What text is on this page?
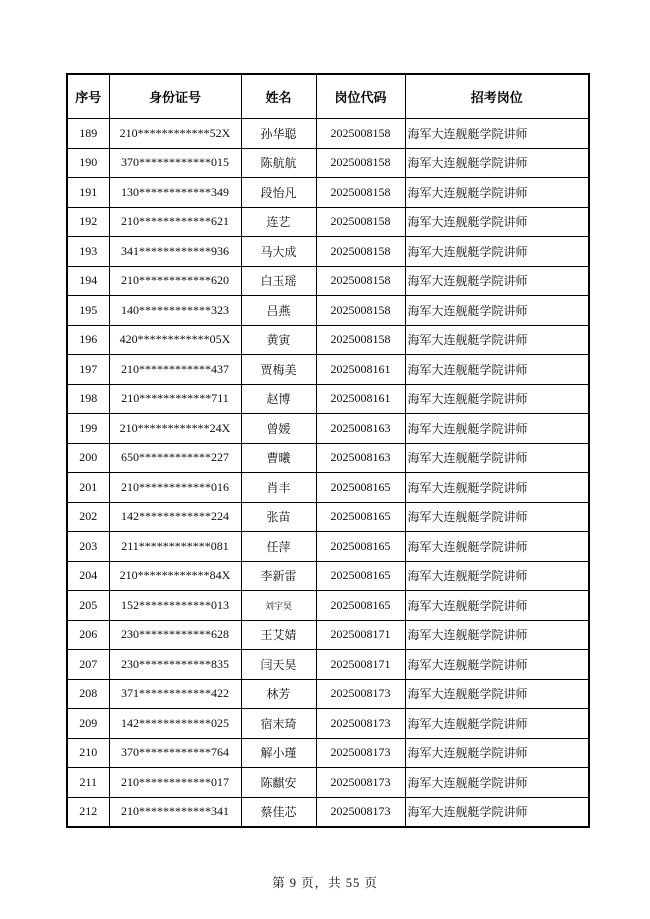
序号	身份证号	姓名	岗位代码	招考岗位
189	210************52X	孙华聪	2025008158	海军大连舰艇学院讲师
190	370************015	陈航航	2025008158	海军大连舰艇学院讲师
191	130************349	段怡凡	2025008158	海军大连舰艇学院讲师
192	210************621	连艺	2025008158	海军大连舰艇学院讲师
193	341************936	马大成	2025008158	海军大连舰艇学院讲师
194	210************620	白玉瑶	2025008158	海军大连舰艇学院讲师
195	140************323	吕燕	2025008158	海军大连舰艇学院讲师
196	420************05X	黄寅	2025008158	海军大连舰艇学院讲师
197	210************437	贾梅美	2025008161	海军大连舰艇学院讲师
198	210************711	赵博	2025008161	海军大连舰艇学院讲师
199	210************24X	曾媛	2025008163	海军大连舰艇学院讲师
200	650************227	曹曦	2025008163	海军大连舰艇学院讲师
201	210************016	肖丰	2025008165	海军大连舰艇学院讲师
202	142************224	张苗	2025008165	海军大连舰艇学院讲师
203	211************081	任萍	2025008165	海军大连舰艇学院讲师
204	210************84X	李新雷	2025008165	海军大连舰艇学院讲师
205	152************013	刘宇昊	2025008165	海军大连舰艇学院讲师
206	230************628	王艾婧	2025008171	海军大连舰艇学院讲师
207	230************835	闫天昊	2025008171	海军大连舰艇学院讲师
208	371************422	林芳	2025008173	海军大连舰艇学院讲师
209	142************025	宿末琦	2025008173	海军大连舰艇学院讲师
210	370************764	解小瑾	2025008173	海军大连舰艇学院讲师
211	210************017	陈麒安	2025008173	海军大连舰艇学院讲师
212	210************341	蔡佳芯	2025008173	海军大连舰艇学院讲师
第 9 页，共 55 页
